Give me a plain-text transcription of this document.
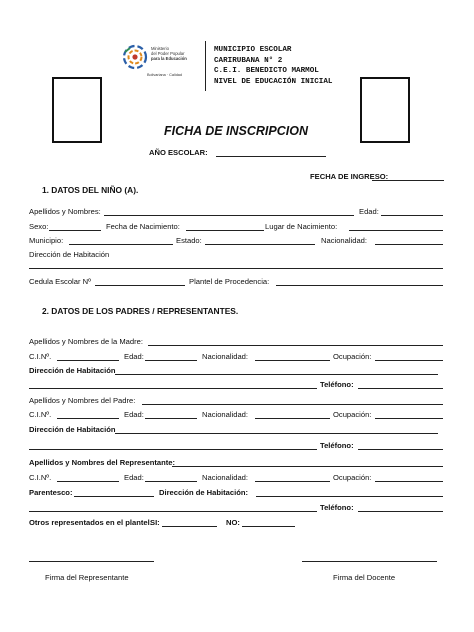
Ministerio
del Poder Popular
para la Educación
Bolivariana · Calidad
MUNICIPIO ESCOLAR
CARIRUBANA N° 2
C.E.I. BENEDICTO MARMOL
NIVEL DE EDUCACIÓN INICIAL
FICHA DE INSCRIPCION
AÑO ESCOLAR:
FECHA DE INGRESO:
1. DATOS DEL NIÑO (A).
Apellidos y Nombres:	Edad:
Sexo:	Fecha de Nacimiento:	Lugar de Nacimiento:
Municipio:	Estado:	Nacionalidad:
Dirección de Habitación
Cedula Escolar Nº	Plantel de Procedencia:
2. DATOS DE LOS PADRES / REPRESENTANTES.
Apellidos y Nombres de la Madre:
C.I.Nº.	Edad:	Nacionalidad:	Ocupación:
Dirección de Habitación
Teléfono:
Apellidos y Nombres del Padre:
C.I.Nº.	Edad:	Nacionalidad:	Ocupación:
Dirección de Habitación
Teléfono:
Apellidos y Nombres del Representante:
C.I.Nº.	Edad:	Nacionalidad:	Ocupación:
Parentesco:	Dirección de Habitación:
Teléfono:
Otros representados en el plantel:
SI:	NO:
Firma del Representante	Firma del Docente
